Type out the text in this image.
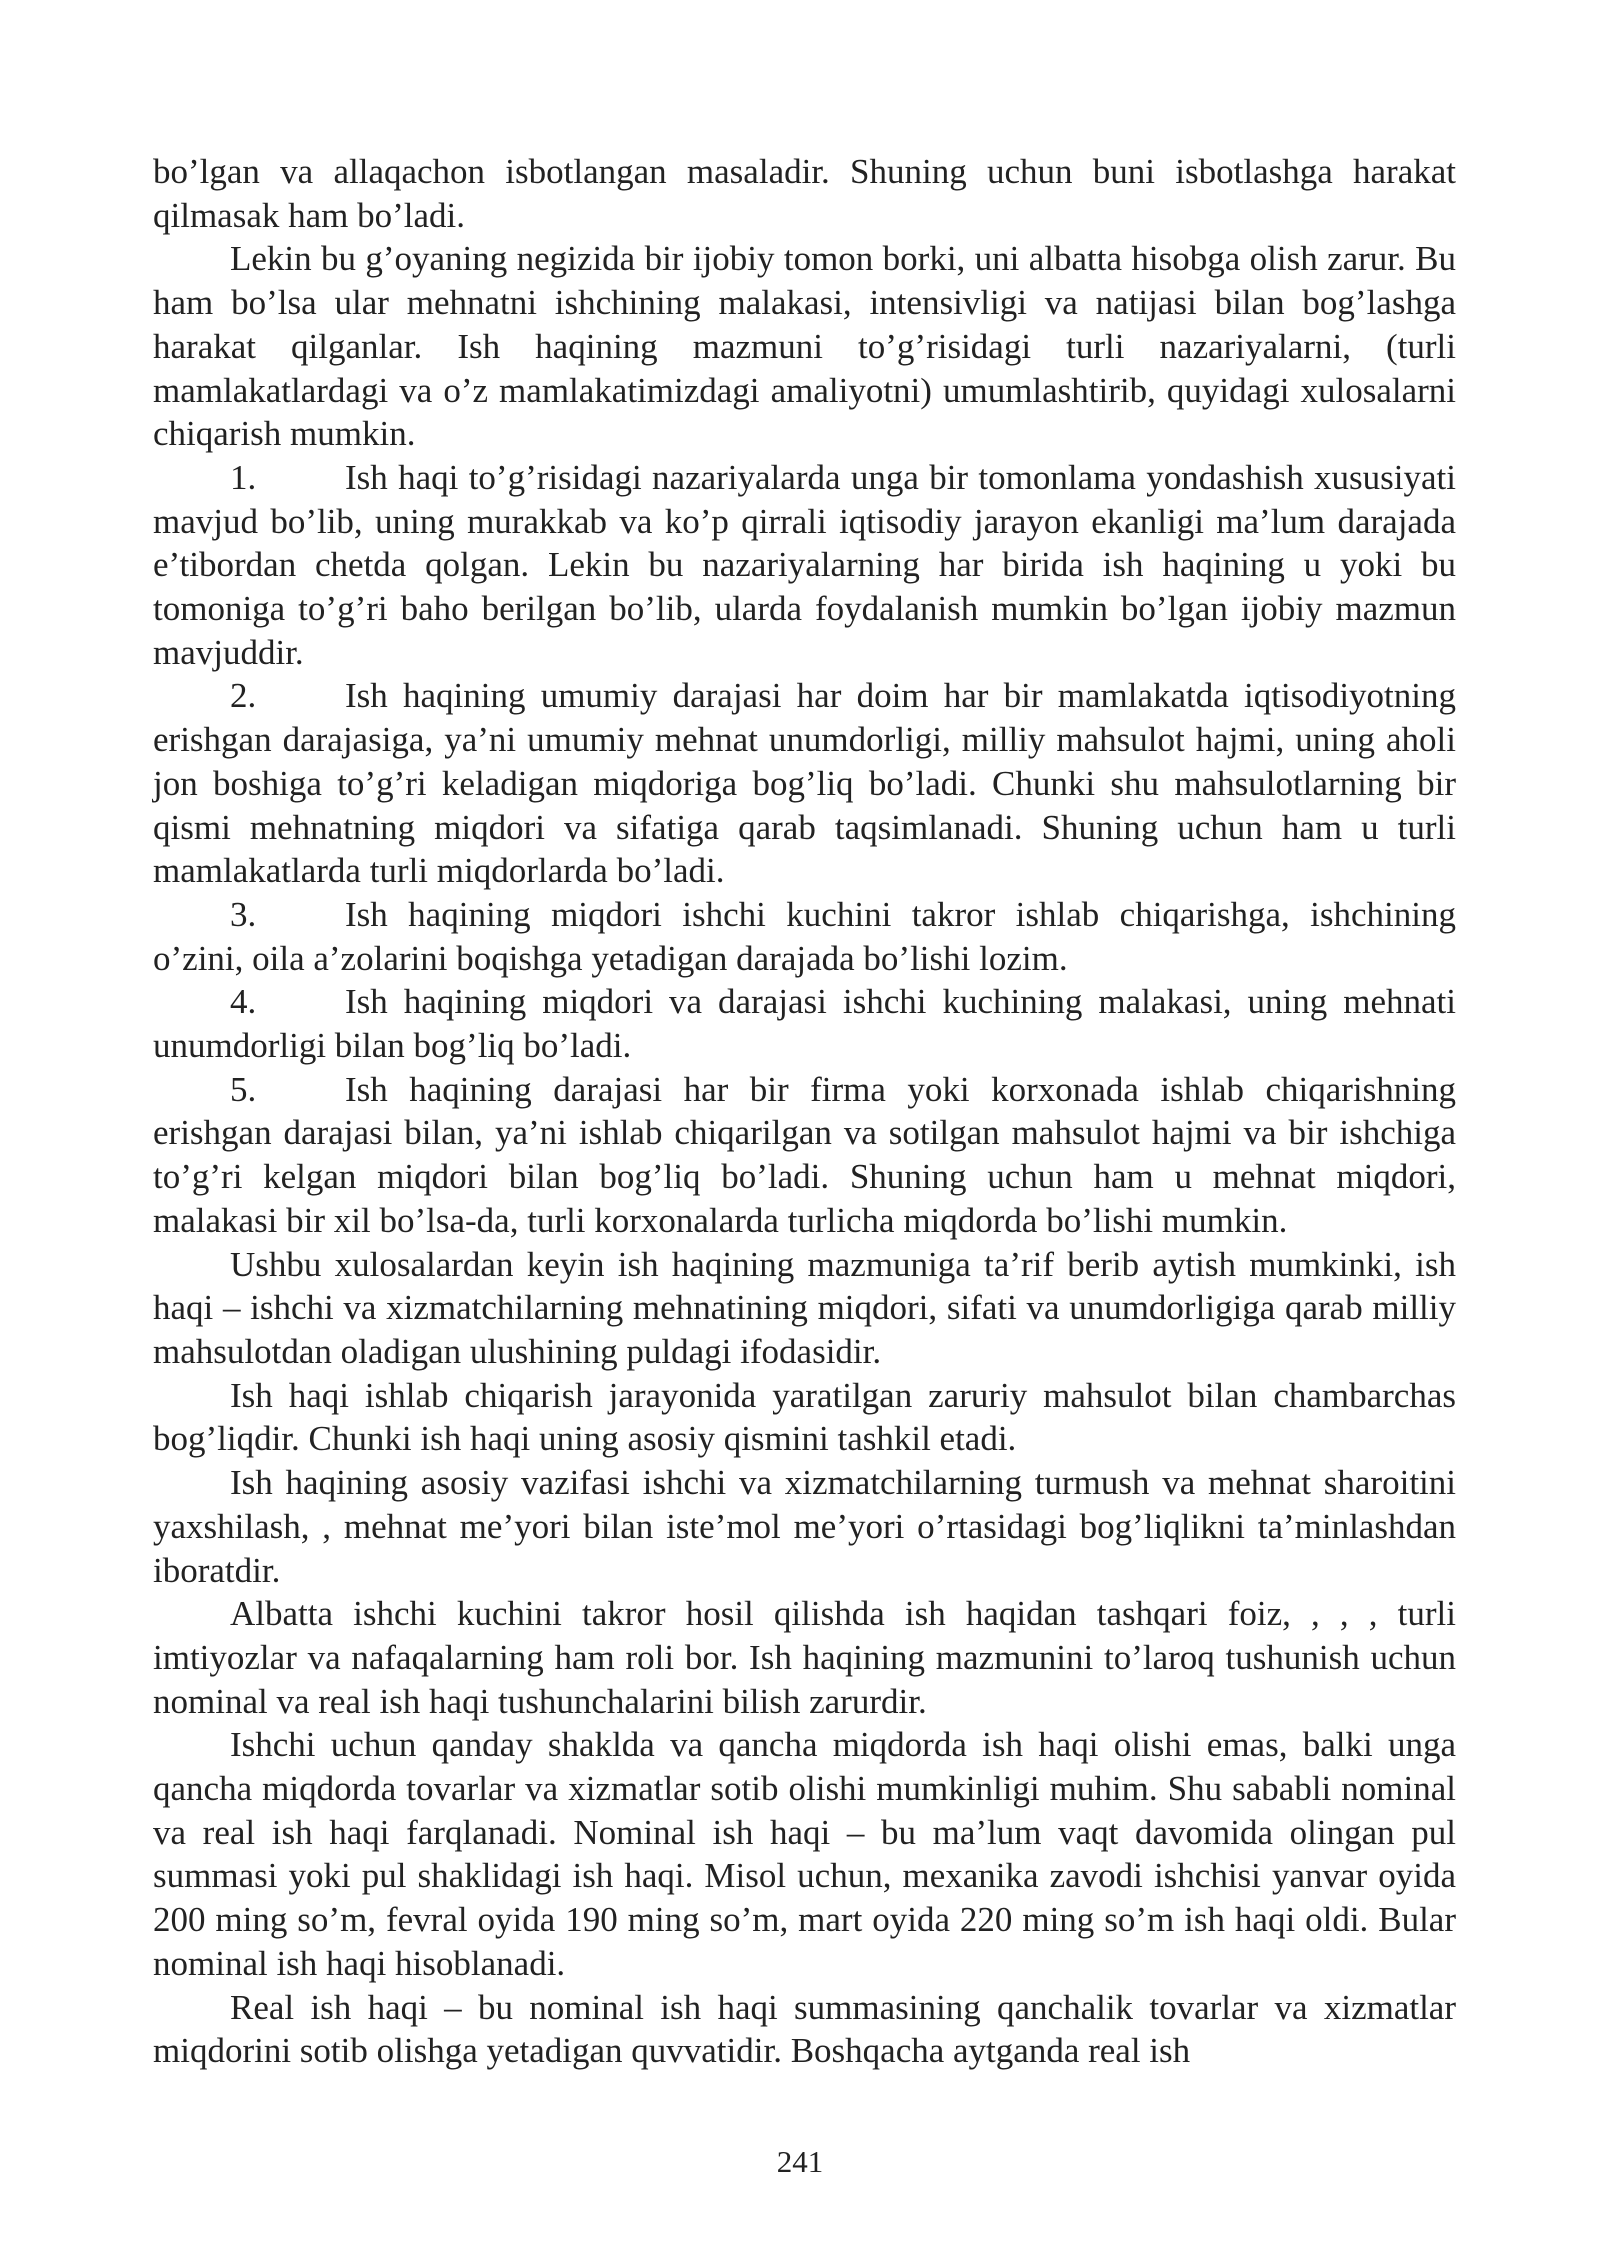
bo’lgan va allaqachon isbotlangan masaladir. Shuning uchun buni isbotlashga harakat qilmasak ham bo’ladi.

Lekin bu g’oyaning negizida bir ijobiy tomon borki, uni albatta hisobga olish zarur. Bu ham bo’lsa ular mehnatni ishchining malakasi, intensivligi va natijasi bilan bog’lashga harakat qilganlar. Ish haqining mazmuni to’g’risidagi turli nazariyalarni, (turli mamlakatlardagi va o’z mamlakatimizdagi amaliyotni) umumlashtirib, quyidagi xulosalarni chiqarish mumkin.

1.	Ish haqi to’g’risidagi nazariyalarda unga bir tomonlama yondashish xususiyati mavjud bo’lib, uning murakkab va ko’p qirrali iqtisodiy jarayon ekanligi ma’lum darajada e’tibordan chetda qolgan. Lekin bu nazariyalarning har birida ish haqining u yoki bu tomoniga to’g’ri baho berilgan bo’lib, ularda foydalanish mumkin bo’lgan ijobiy mazmun mavjuddir.

2.	Ish haqining umumiy darajasi har doim har bir mamlakatda iqtisodiyotning erishgan darajasiga, ya’ni umumiy mehnat unumdorligi, milliy mahsulot hajmi, uning aholi jon boshiga to’g’ri keladigan miqdoriga bog’liq bo’ladi. Chunki shu mahsulotlarning bir qismi mehnatning miqdori va sifatiga qarab taqsimlanadi. Shuning uchun ham u turli mamlakatlarda turli miqdorlarda bo’ladi.

3.	Ish haqining miqdori ishchi kuchini takror ishlab chiqarishga, ishchining o’zini, oila a’zolarini boqishga yetadigan darajada bo’lishi lozim.

4.	Ish haqining miqdori va darajasi ishchi kuchining malakasi, uning mehnati unumdorligi bilan bog’liq bo’ladi.

5.	Ish haqining darajasi har bir firma yoki korxonada ishlab chiqarishning erishgan darajasi bilan, ya’ni ishlab chiqarilgan va sotilgan mahsulot hajmi va bir ishchiga to’g’ri kelgan miqdori bilan bog’liq bo’ladi. Shuning uchun ham u mehnat miqdori, malakasi bir xil bo’lsa-da, turli korxonalarda turlicha miqdorda bo’lishi mumkin.

Ushbu xulosalardan keyin ish haqining mazmuniga ta’rif berib aytish mumkinki, ish haqi – ishchi va xizmatchilarning mehnatining miqdori, sifati va unumdorligiga qarab milliy mahsulotdan oladigan ulushining puldagi ifodasidir.

Ish haqi ishlab chiqarish jarayonida yaratilgan zaruriy mahsulot bilan chambarchas bog’liqdir. Chunki ish haqi uning asosiy qismini tashkil etadi.

Ish haqining asosiy vazifasi ishchi va xizmatchilarning turmush va mehnat sharoitini yaxshilash, , mehnat me’yori bilan iste’mol me’yori o’rtasidagi bog’liqlikni ta’minlashdan iboratdir.

Albatta ishchi kuchini takror hosil qilishda ish haqidan tashqari foiz, , , , turli imtiyozlar va nafaqalarning ham roli bor. Ish haqining mazmunini to’laroq tushunish uchun nominal va real ish haqi tushunchalarini bilish zarurdir.

Ishchi uchun qanday shaklda va qancha miqdorda ish haqi olishi emas, balki unga qancha miqdorda tovarlar va xizmatlar sotib olishi mumkinligi muhim. Shu sababli nominal va real ish haqi farqlanadi. Nominal ish haqi – bu ma’lum vaqt davomida olingan pul summasi yoki pul shaklidagi ish haqi. Misol uchun, mexanika zavodi ishchisi yanvar oyida 200 ming so’m, fevral oyida 190 ming so’m, mart oyida 220 ming so’m ish haqi oldi. Bular nominal ish haqi hisoblanadi.

Real ish haqi – bu nominal ish haqi summasining qanchalik tovarlar va xizmatlar miqdorini sotib olishga yetadigan quvvatidir. Boshqacha aytganda real ish

241
